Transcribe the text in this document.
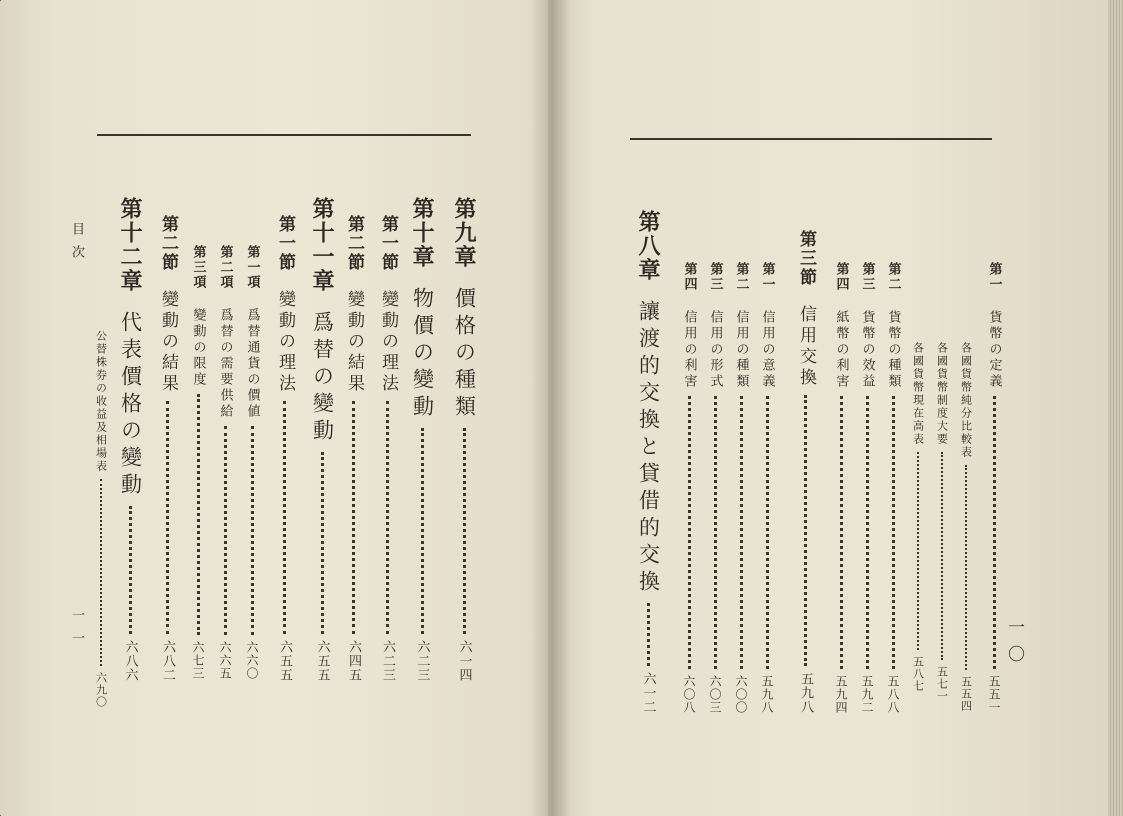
目次
一一	一〇
第九章
價格の種類
六一四
第十章
物價の變動
六二三
第一節
變動の理法
六二三
第二節
變動の結果
六四五
第十一章
爲替の變動
六五五
第一節
變動の理法
六五五
第一項
爲替通貨の價値
六六〇
第二項
爲替の需要供給
六六五
第三項
變動の限度
六七三
第二節
變動の結果
六八二
第十二章
代表價格の變動
六八六
公替株券の收益及相場表
六九〇
第一
貨幣の定義
五五一
各國貨幣純分比較表
五五四
各國貨幣制度大要
五七一
各國貨幣現在高表
五八七
第二
貨幣の種類
五八八
第三
貨幣の效益
五九二
第四
紙幣の利害
五九四
第三節
信用交換
五九八
第一
信用の意義
五九八
第二
信用の種類
六〇〇
第三
信用の形式
六〇三
第四
信用の利害
六〇八
第八章
讓渡的交換と貸借的交換
六一二
